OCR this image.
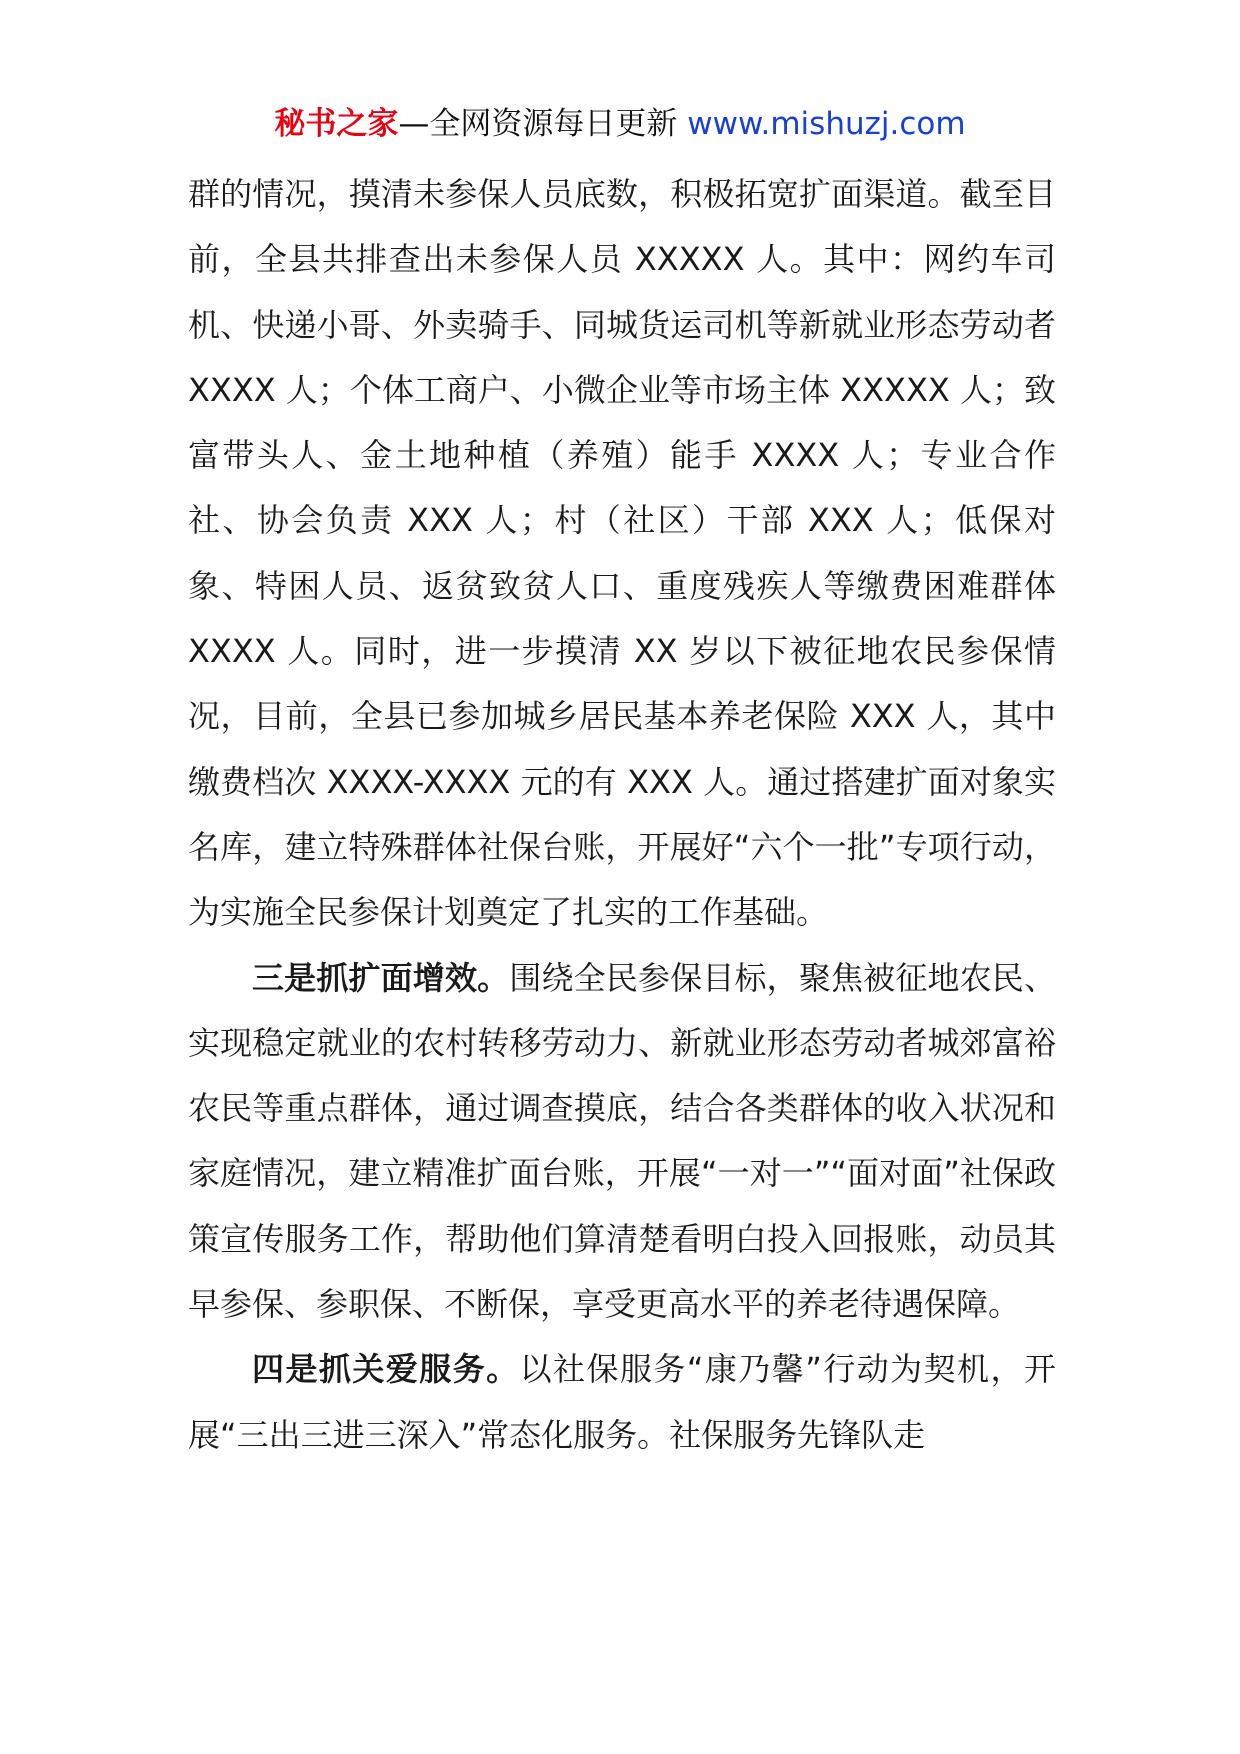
秘书之家—全网资源每日更新 www.mishuzj.com

群的情况，摸清未参保人员底数，积极拓宽扩面渠道。截至目前，全县共排查出未参保人员 XXXXX 人。其中：网约车司机、快递小哥、外卖骑手、同城货运司机等新就业形态劳动者 XXXX 人；个体工商户、小微企业等市场主体 XXXXX 人；致富带头人、金土地种植（养殖）能手 XXXX 人；专业合作社、协会负责 XXX 人；村（社区）干部 XXX 人；低保对象、特困人员、返贫致贫人口、重度残疾人等缴费困难群体 XXXX 人。同时，进一步摸清 XX 岁以下被征地农民参保情况，目前，全县已参加城乡居民基本养老保险 XXX 人，其中缴费档次 XXXX-XXXX 元的有 XXX 人。通过搭建扩面对象实名库，建立特殊群体社保台账，开展好“六个一批”专项行动，为实施全民参保计划奠定了扎实的工作基础。

三是抓扩面增效。围绕全民参保目标，聚焦被征地农民、实现稳定就业的农村转移劳动力、新就业形态劳动者城郊富裕农民等重点群体，通过调查摸底，结合各类群体的收入状况和家庭情况，建立精准扩面台账，开展“一对一”“面对面”社保政策宣传服务工作，帮助他们算清楚看明白投入回报账，动员其早参保、参职保、不断保，享受更高水平的养老待遇保障。

四是抓关爱服务。以社保服务“康乃馨”行动为契机，开展“三出三进三深入”常态化服务。社保服务先锋队走
